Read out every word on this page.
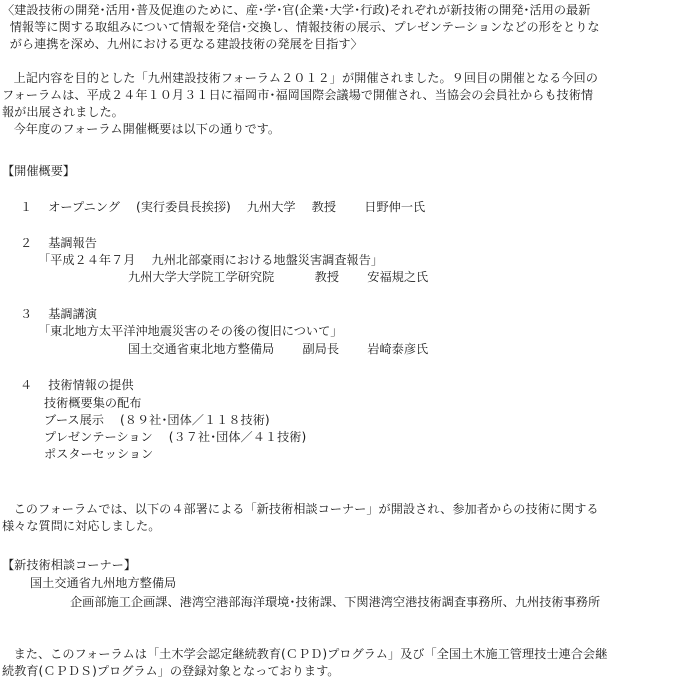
〈建設技術の開発･活用･普及促進のために、産･学･官(企業･大学･行政)それぞれが新技術の開発･活用の最新
情報等に関する取組みについて情報を発信･交換し、情報技術の展示、プレゼンテーションなどの形をとりな
がら連携を深め、九州における更なる建設技術の発展を目指す〉
上記内容を目的とした「九州建設技術フォーラム２０１２」が開催されました。９回目の開催となる今回の
フォーラムは、平成２４年１０月３１日に福岡市･福岡国際会議場で開催され、当協会の会員社からも技術情
報が出展されました。
今年度のフォーラム開催概要は以下の通りです。
【開催概要】
１　 オープニング 　(実行委員長挨拶)　 九州大学 　教授 　　日野伸一氏
２　 基調報告
「平成２４年７月 　九州北部豪雨における地盤災害調査報告」
九州大学大学院工学研究院 　　　教授 　　安福規之氏
３　 基調講演
「東北地方太平洋沖地震災害のその後の復旧について」
国土交通省東北地方整備局 　　副局長 　　岩崎泰彦氏
４　 技術情報の提供
技術概要集の配布
ブース展示 　(８９社･団体／１１８技術)
プレゼンテーション 　(３７社･団体／４１技術)
ポスターセッション
このフォーラムでは、以下の４部署による「新技術相談コーナー」が開設され、参加者からの技術に関する
様々な質問に対応しました。
【新技術相談コーナー】
国土交通省九州地方整備局
企画部施工企画課、港湾空港部海洋環境･技術課、下関港湾空港技術調査事務所、九州技術事務所
また、このフォーラムは「土木学会認定継続教育(ＣＰＤ)プログラム」及び「全国土木施工管理技士連合会継
続教育(ＣＰＤＳ)プログラム」の登録対象となっております。
